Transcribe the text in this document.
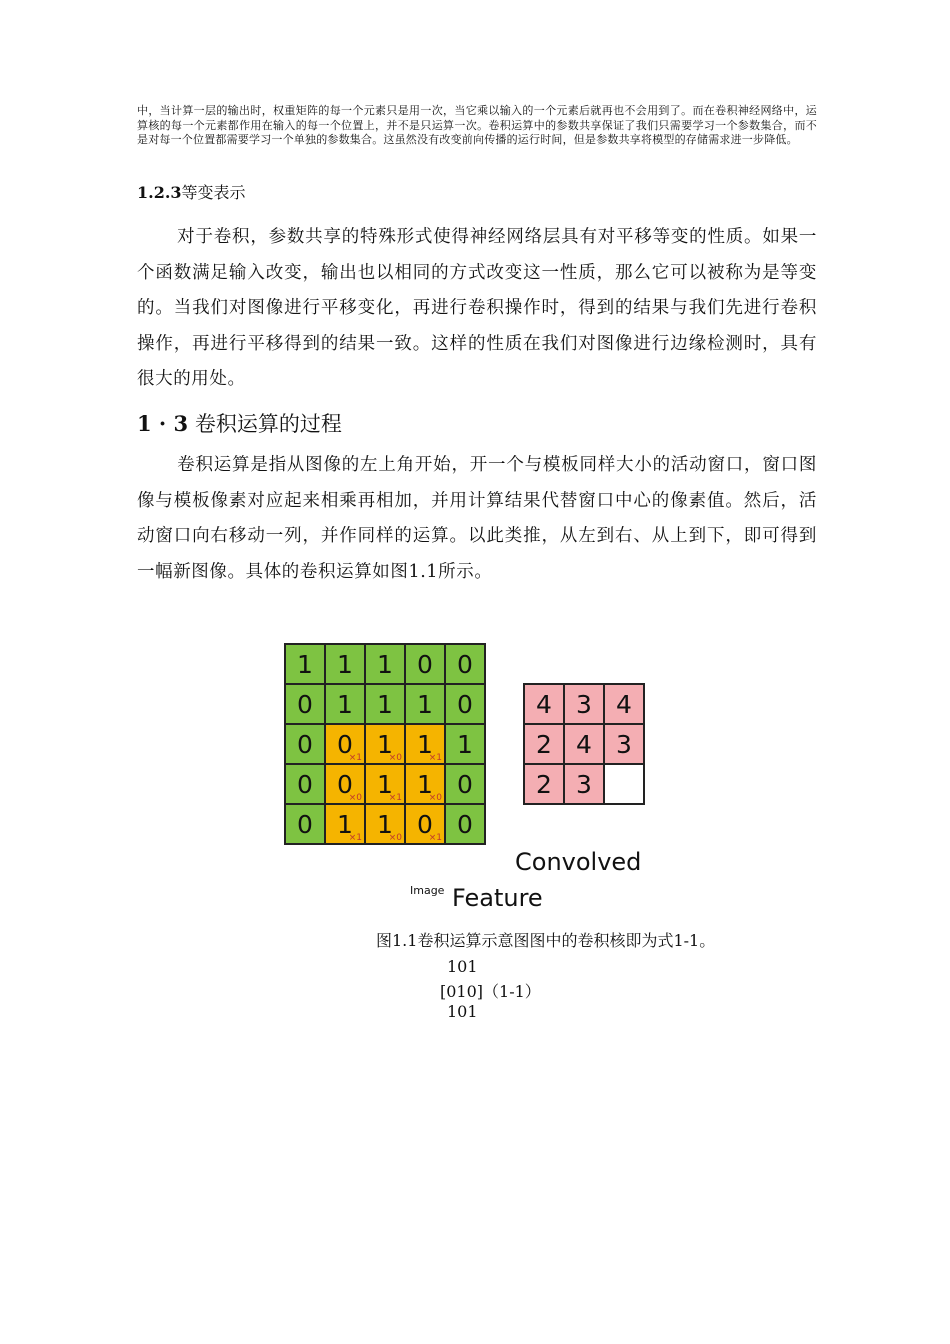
中，当计算一层的输出时，权重矩阵的每一个元素只是用一次，当它乘以输入的一个元素后就再也不会用到了。而在卷积神经网络中，运算核的每一个元素都作用在输入的每一个位置上，并不是只运算一次。卷积运算中的参数共享保证了我们只需要学习一个参数集合，而不是对每一个位置都需要学习一个单独的参数集合。这虽然没有改变前向传播的运行时间，但是参数共享将模型的存储需求进一步降低。
1.2.3等变表示
对于卷积，参数共享的特殊形式使得神经网络层具有对平移等变的性质。如果一个函数满足输入改变，输出也以相同的方式改变这一性质，那么它可以被称为是等变的。当我们对图像进行平移变化，再进行卷积操作时，得到的结果与我们先进行卷积操作，再进行平移得到的结果一致。这样的性质在我们对图像进行边缘检测时，具有很大的用处。
1 · 3 卷积运算的过程
卷积运算是指从图像的左上角开始，开一个与模板同样大小的活动窗口，窗口图像与模板像素对应起来相乘再相加，并用计算结果代替窗口中心的像素值。然后，活动窗口向右移动一列，并作同样的运算。以此类推，从左到右、从上到下，即可得到一幅新图像。具体的卷积运算如图1.1所示。
1 1 1 0 0
0 1 1 1 0
0 0
×1 1
×0 1
×1 1
0 0
×0 1
×1 1
×0 0
0 1
×1 1
×0 0
×1 0
4 3 4
2 4 3
2 3
Image
Convolved
Feature
图1.1卷积运算示意图图中的卷积核即为式1-1。
101
[010]（1-1）
101
